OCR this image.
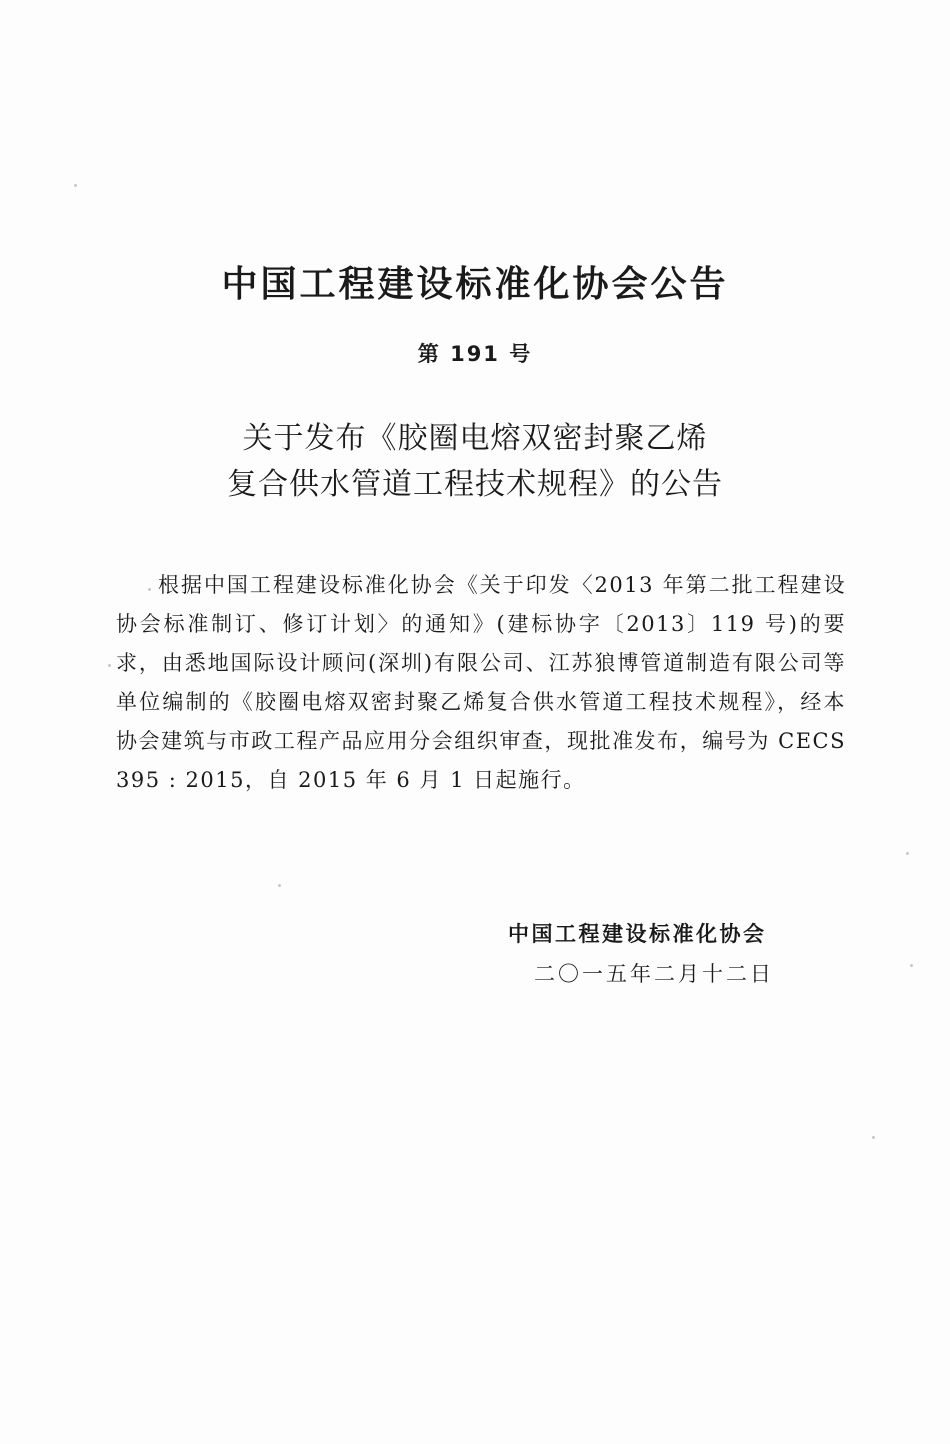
中国工程建设标准化协会公告
第 191 号
关于发布《胶圈电熔双密封聚乙烯
复合供水管道工程技术规程》的公告

根据中国工程建设标准化协会《关于印发〈2013 年第二批工程建设协会标准制订、修订计划〉的通知》(建标协字〔2013〕119 号)的要求，由悉地国际设计顾问(深圳)有限公司、江苏狼博管道制造有限公司等单位编制的《胶圈电熔双密封聚乙烯复合供水管道工程技术规程》，经本协会建筑与市政工程产品应用分会组织审查，现批准发布，编号为 CECS 395 : 2015，自 2015 年 6 月 1 日起施行。

中国工程建设标准化协会
二〇一五年二月十二日
